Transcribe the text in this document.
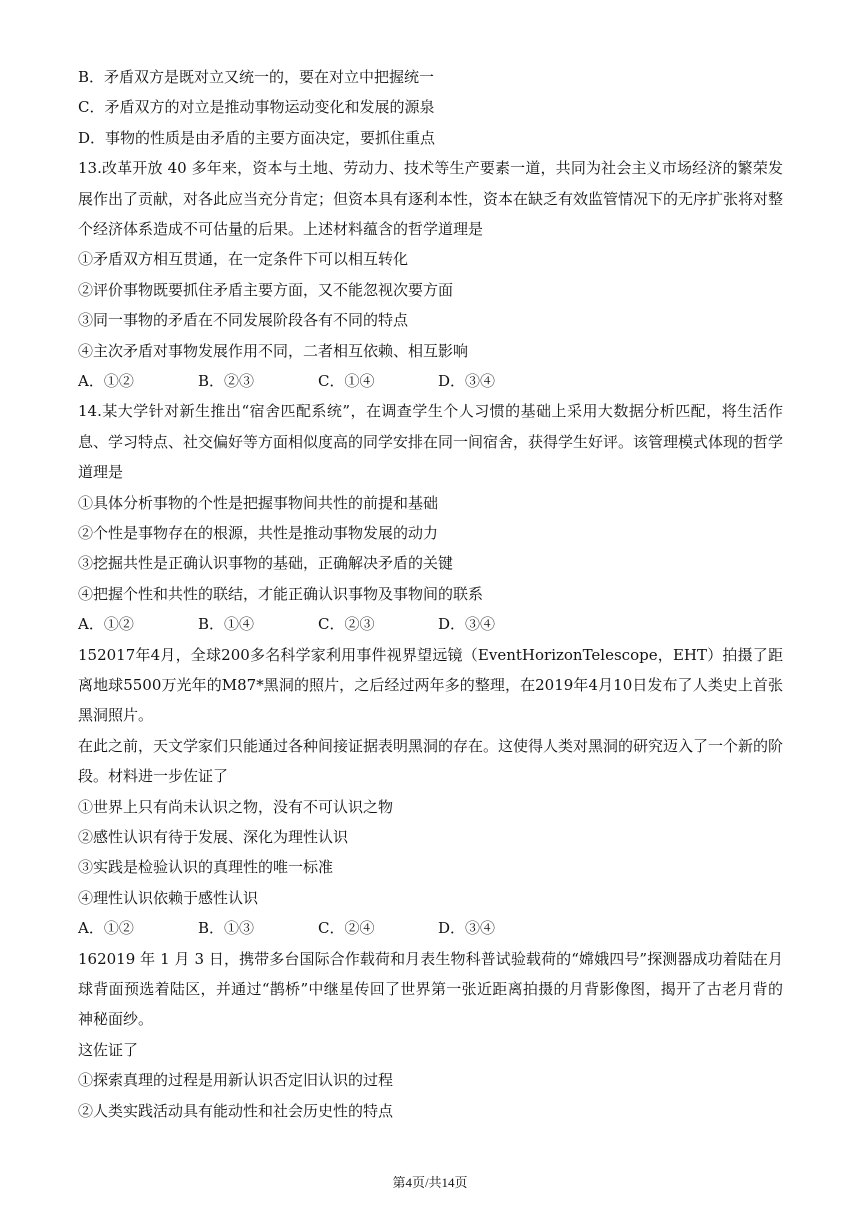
B．矛盾双方是既对立又统一的，要在对立中把握统一
C．矛盾双方的对立是推动事物运动变化和发展的源泉
D．事物的性质是由矛盾的主要方面决定，要抓住重点
13.改革开放 40 多年来，资本与土地、劳动力、技术等生产要素一道，共同为社会主义市场经济的繁荣发展作出了贡献，对各此应当充分肯定；但资本具有逐利本性，资本在缺乏有效监管情况下的无序扩张将对整个经济体系造成不可估量的后果。上述材料蕴含的哲学道理是
①矛盾双方相互贯通，在一定条件下可以相互转化
②评价事物既要抓住矛盾主要方面，又不能忽视次要方面
③同一事物的矛盾在不同发展阶段各有不同的特点
④主次矛盾对事物发展作用不同，二者相互依赖、相互影响
A．①②	B．②③	C．①④	D．③④
14.某大学针对新生推出“宿舍匹配系统”，在调查学生个人习惯的基础上采用大数据分析匹配，将生活作息、学习特点、社交偏好等方面相似度高的同学安排在同一间宿舍，获得学生好评。该管理模式体现的哲学道理是
①具体分析事物的个性是把握事物间共性的前提和基础
②个性是事物存在的根源，共性是推动事物发展的动力
③挖掘共性是正确认识事物的基础，正确解决矛盾的关键
④把握个性和共性的联结，才能正确认识事物及事物间的联系
A．①②	B．①④	C．②③	D．③④
152017年4月，全球200多名科学家利用事件视界望远镜（EventHorizonTelescope，EHT）拍摄了距离地球5500万光年的M87*黑洞的照片，之后经过两年多的整理，在2019年4月10日发布了人类史上首张黑洞照片。
在此之前，天文学家们只能通过各种间接证据表明黑洞的存在。这使得人类对黑洞的研究迈入了一个新的阶段。材料进一步佐证了
①世界上只有尚未认识之物，没有不可认识之物
②感性认识有待于发展、深化为理性认识
③实践是检验认识的真理性的唯一标准
④理性认识依赖于感性认识
A．①②	B．①③	C．②④	D．③④
162019 年 1 月 3 日，携带多台国际合作载荷和月表生物科普试验载荷的“嫦娥四号”探测器成功着陆在月球背面预选着陆区，并通过“鹊桥”中继星传回了世界第一张近距离拍摄的月背影像图，揭开了古老月背的神秘面纱。
这佐证了
①探索真理的过程是用新认识否定旧认识的过程
②人类实践活动具有能动性和社会历史性的特点
第4页/共14页
